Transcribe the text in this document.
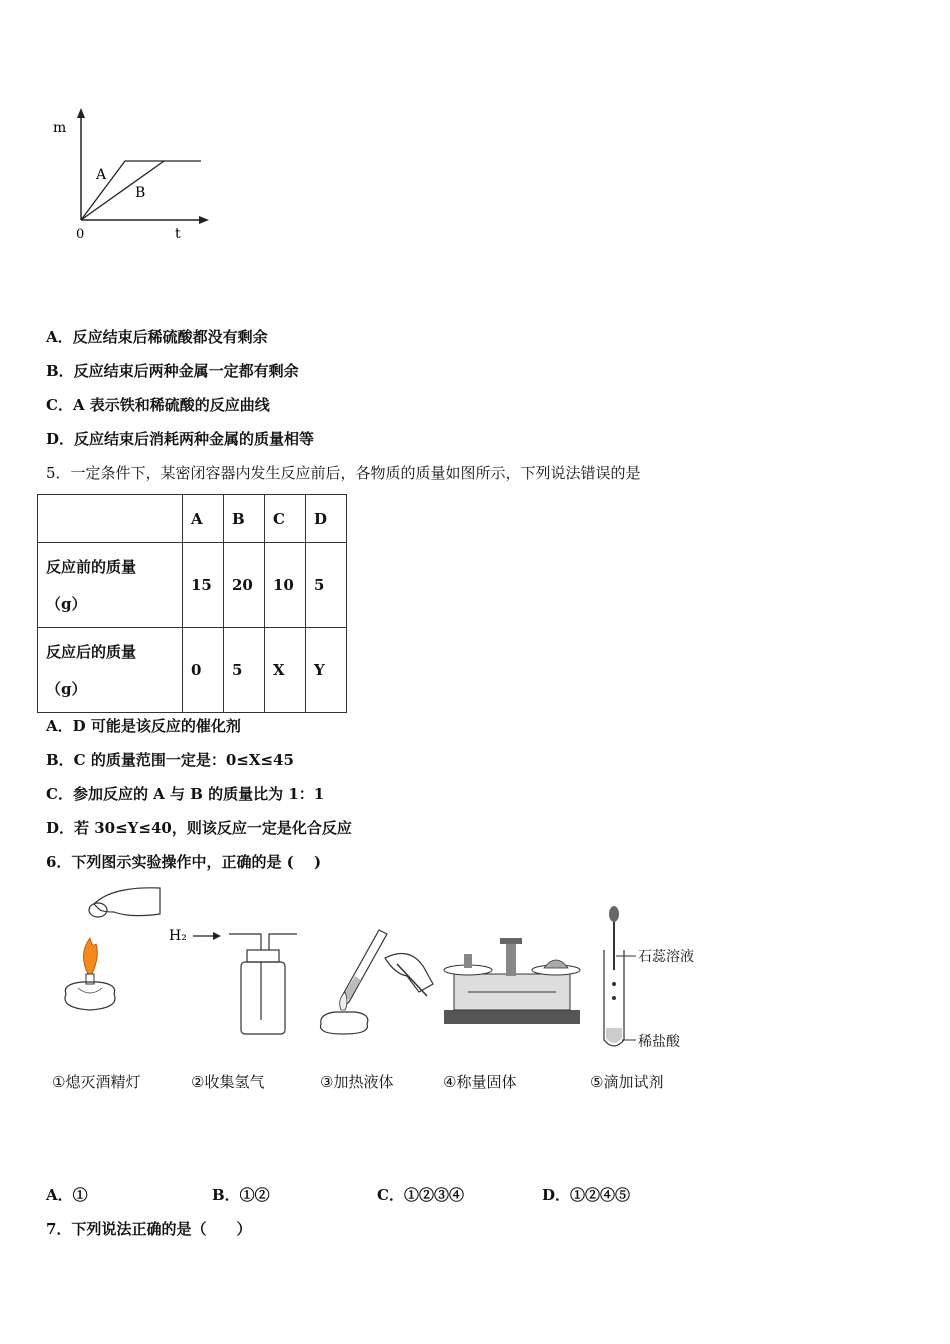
m
t
0
A
B
A．反应结束后稀硫酸都没有剩余
B．反应结束后两种金属一定都有剩余
C．A 表示铁和稀硫酸的反应曲线
D．反应结束后消耗两种金属的质量相等
5．一定条件下，某密闭容器内发生反应前后，各物质的质量如图所示，下列说法错误的是
	A	B	C	D

反应前的质量
（g）	15	20	10	5

反应后的质量
（g）	0	5	X	Y
A．D 可能是该反应的催化剂
B．C 的质量范围一定是：0≤X≤45
C．参加反应的 A 与 B 的质量比为 1：1
D．若 30≤Y≤40，则该反应一定是化合反应
6．下列图示实验操作中，正确的是 (　 )
H₂
石蕊溶液
稀盐酸
①熄灭酒精灯	②收集氢气	③加热液体	④称量固体	⑤滴加试剂
A．①	B．①②	C．①②③④	D．①②④⑤
7．下列说法正确的是（　　）
